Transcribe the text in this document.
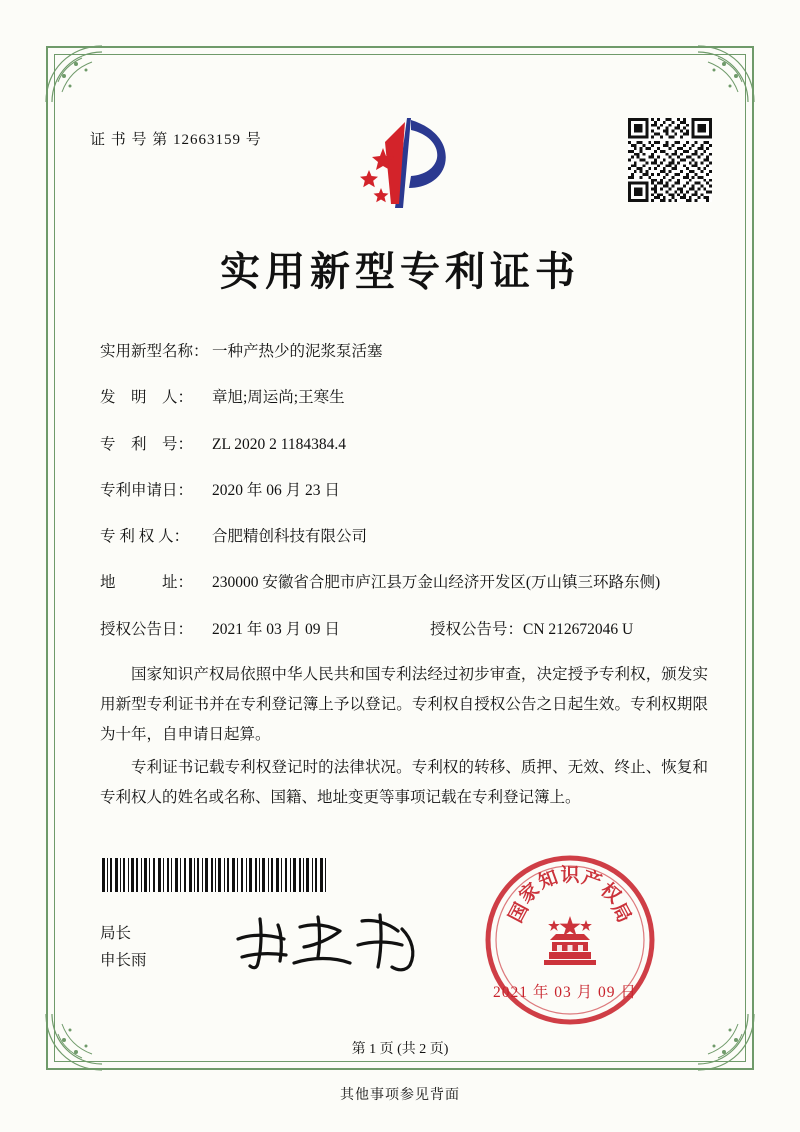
证 书 号 第 12663159 号
实用新型专利证书
实用新型名称： 一种产热少的泥浆泵活塞
发　明　人：	章旭;周运尚;王寒生
专　利　号：	ZL 2020 2 1184384.4
专利申请日：	2020 年 06 月 23 日
专 利 权 人：	合肥精创科技有限公司
地　　　址：	230000 安徽省合肥市庐江县万金山经济开发区(万山镇三环路东侧)
授权公告日：	2021 年 03 月 09 日	授权公告号： CN 212672046 U

国家知识产权局依照中华人民共和国专利法经过初步审查，决定授予专利权，颁发实用新型专利证书并在专利登记簿上予以登记。专利权自授权公告之日起生效。专利权期限为十年，自申请日起算。

专利证书记载专利权登记时的法律状况。专利权的转移、质押、无效、终止、恢复和专利权人的姓名或名称、国籍、地址变更等事项记载在专利登记簿上。

局长
申长雨
国
家
知 识 产
权
局
2021 年 03 月 09 日
第 1 页 (共 2 页)
其他事项参见背面
